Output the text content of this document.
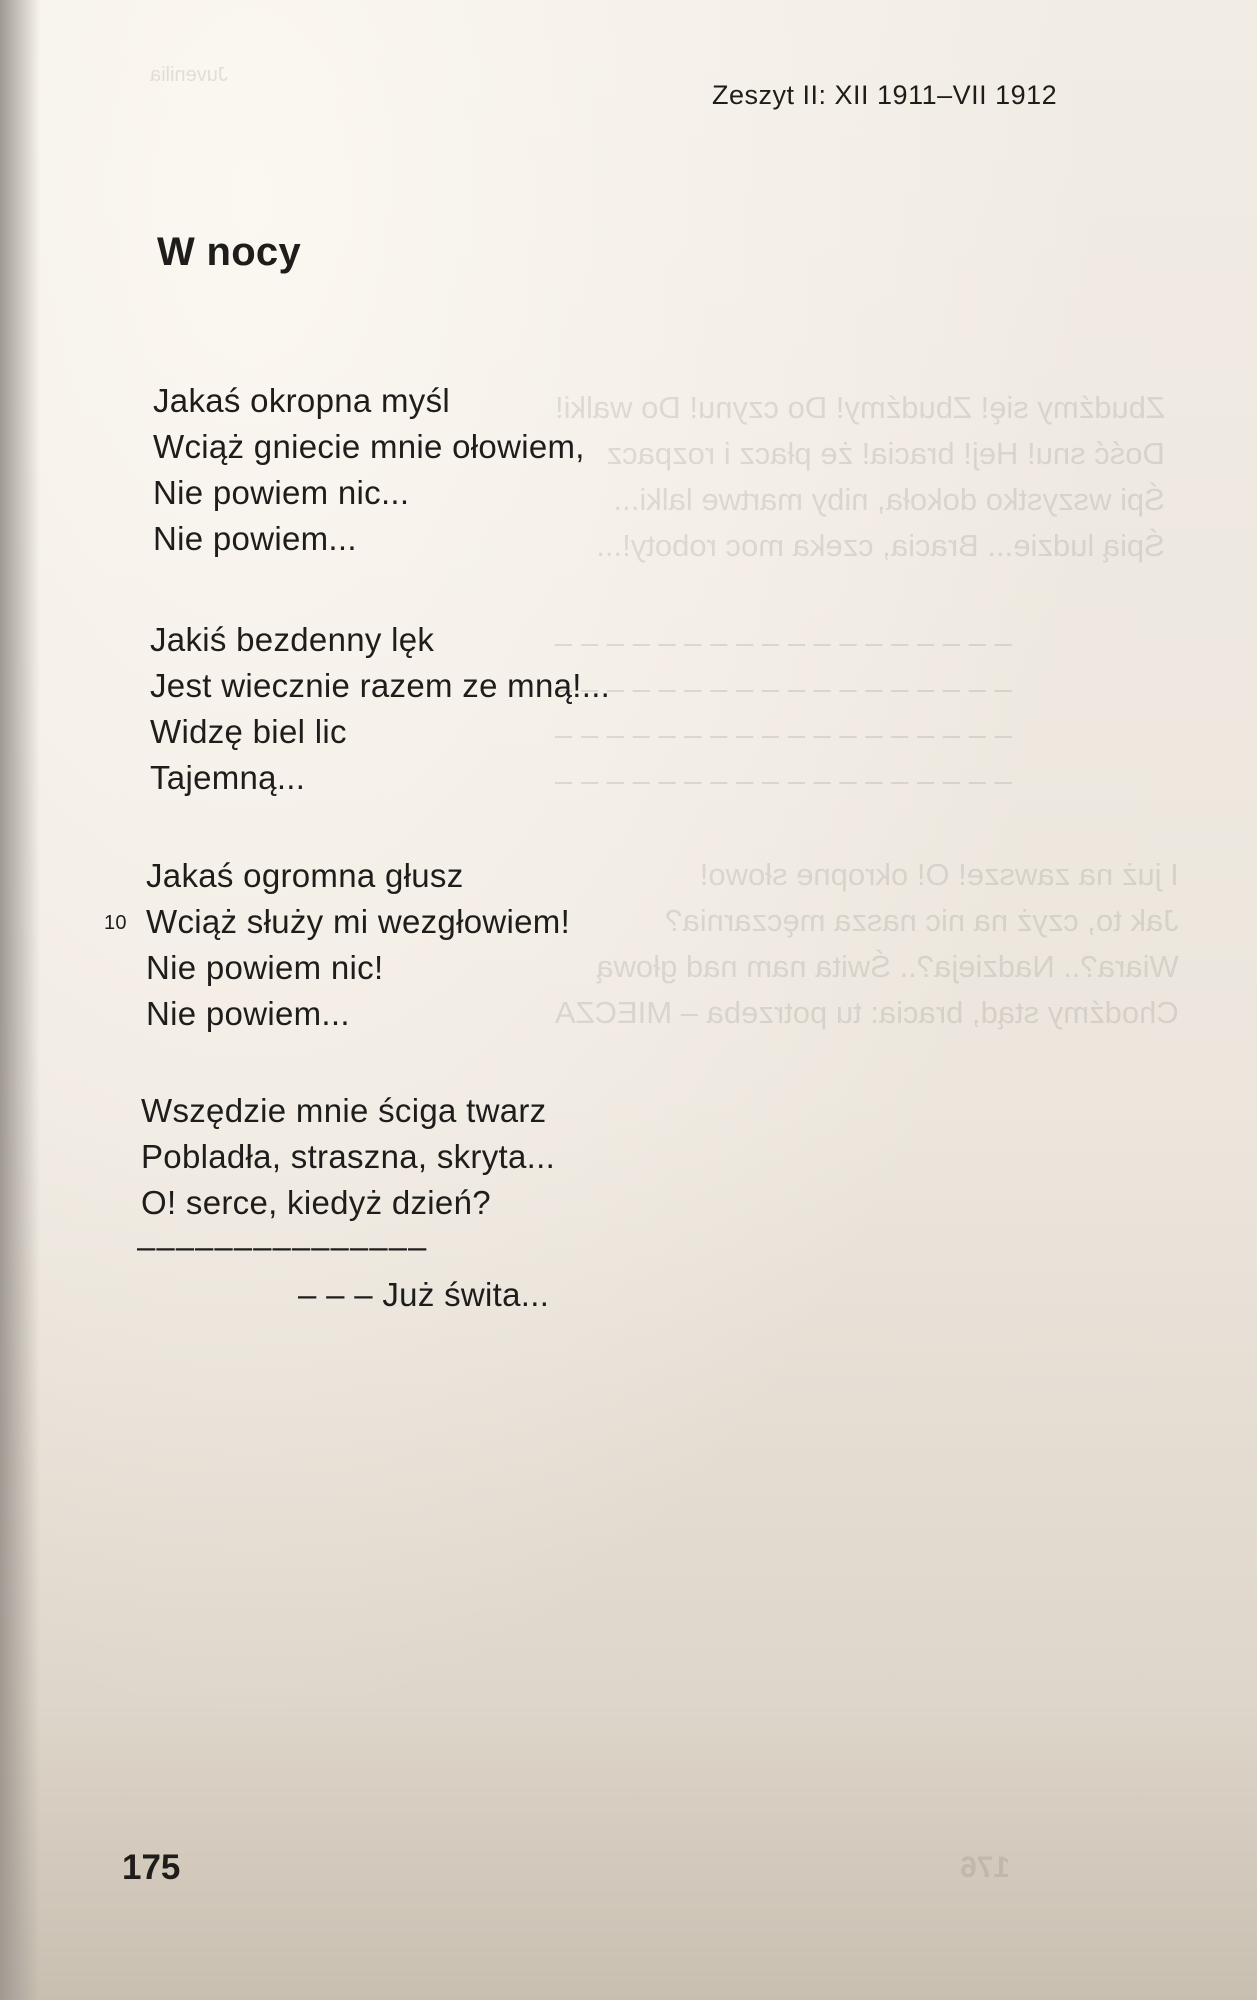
Juvenilia
Zbudźmy się! Zbudźmy! Do czynu! Do walki!
Dość snu! Hej! bracia! że płacz i rozpacz
Śpi wszystko dokoła, niby martwe lalki...
Śpią ludzie... Bracia, czeka moc roboty!...
– – – – – – – – – – – – – – – – – –
– – – – – – – – – – – – – – – – – –
– – – – – – – – – – – – – – – – – –
– – – – – – – – – – – – – – – – – –
I już na zawsze! O! okropne słowo!
Jak to, czyż na nic nasza męczarnia?
Wiara?.. Nadzieja?.. Świta nam nad głową
Chodźmy stąd, bracia: tu potrzeba – MIECZA
176
Zeszyt II: XII 1911–VII 1912
W nocy
Jakaś okropna myśl
Wciąż gniecie mnie ołowiem,
Nie powiem nic...
Nie powiem...
Jakiś bezdenny lęk
Jest wiecznie razem ze mną!...
Widzę biel lic
Tajemną...
Jakaś ogromna głusz
10 Wciąż służy mi wezgłowiem!
Nie powiem nic!
Nie powiem...
Wszędzie mnie ściga twarz
Pobladła, straszna, skryta...
O! serce, kiedyż dzień?
–––––––––––––––
– – – Już świta...
175
